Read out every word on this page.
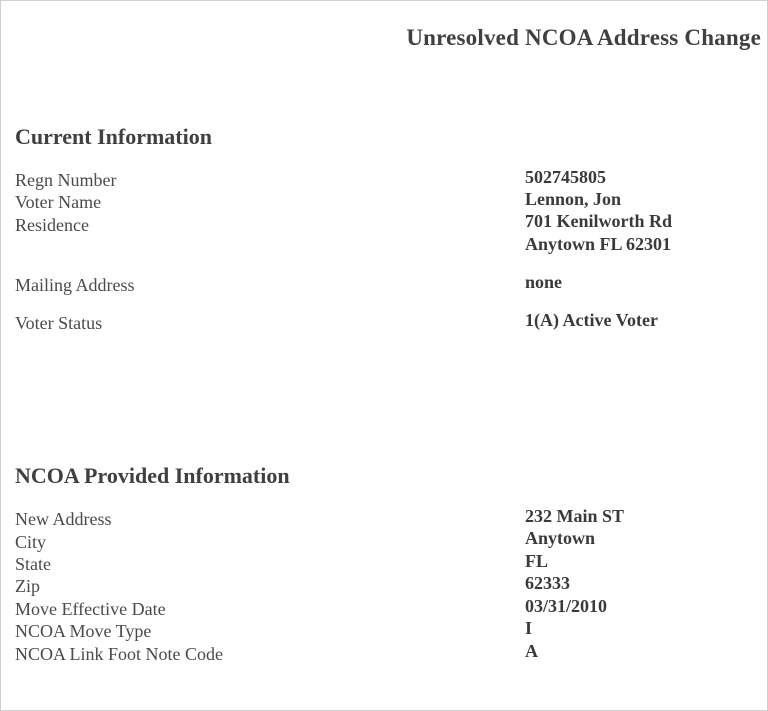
Unresolved NCOA Address Change
Current Information
Regn Number	502745805
Voter Name	Lennon, Jon
Residence	701 Kenilworth Rd
Anytown FL 62301
Mailing Address	none
Voter Status	1(A) Active Voter
NCOA Provided Information
New Address	232 Main ST
City	Anytown
State	FL
Zip	62333
Move Effective Date	03/31/2010
NCOA Move Type	I
NCOA Link Foot Note Code	A
